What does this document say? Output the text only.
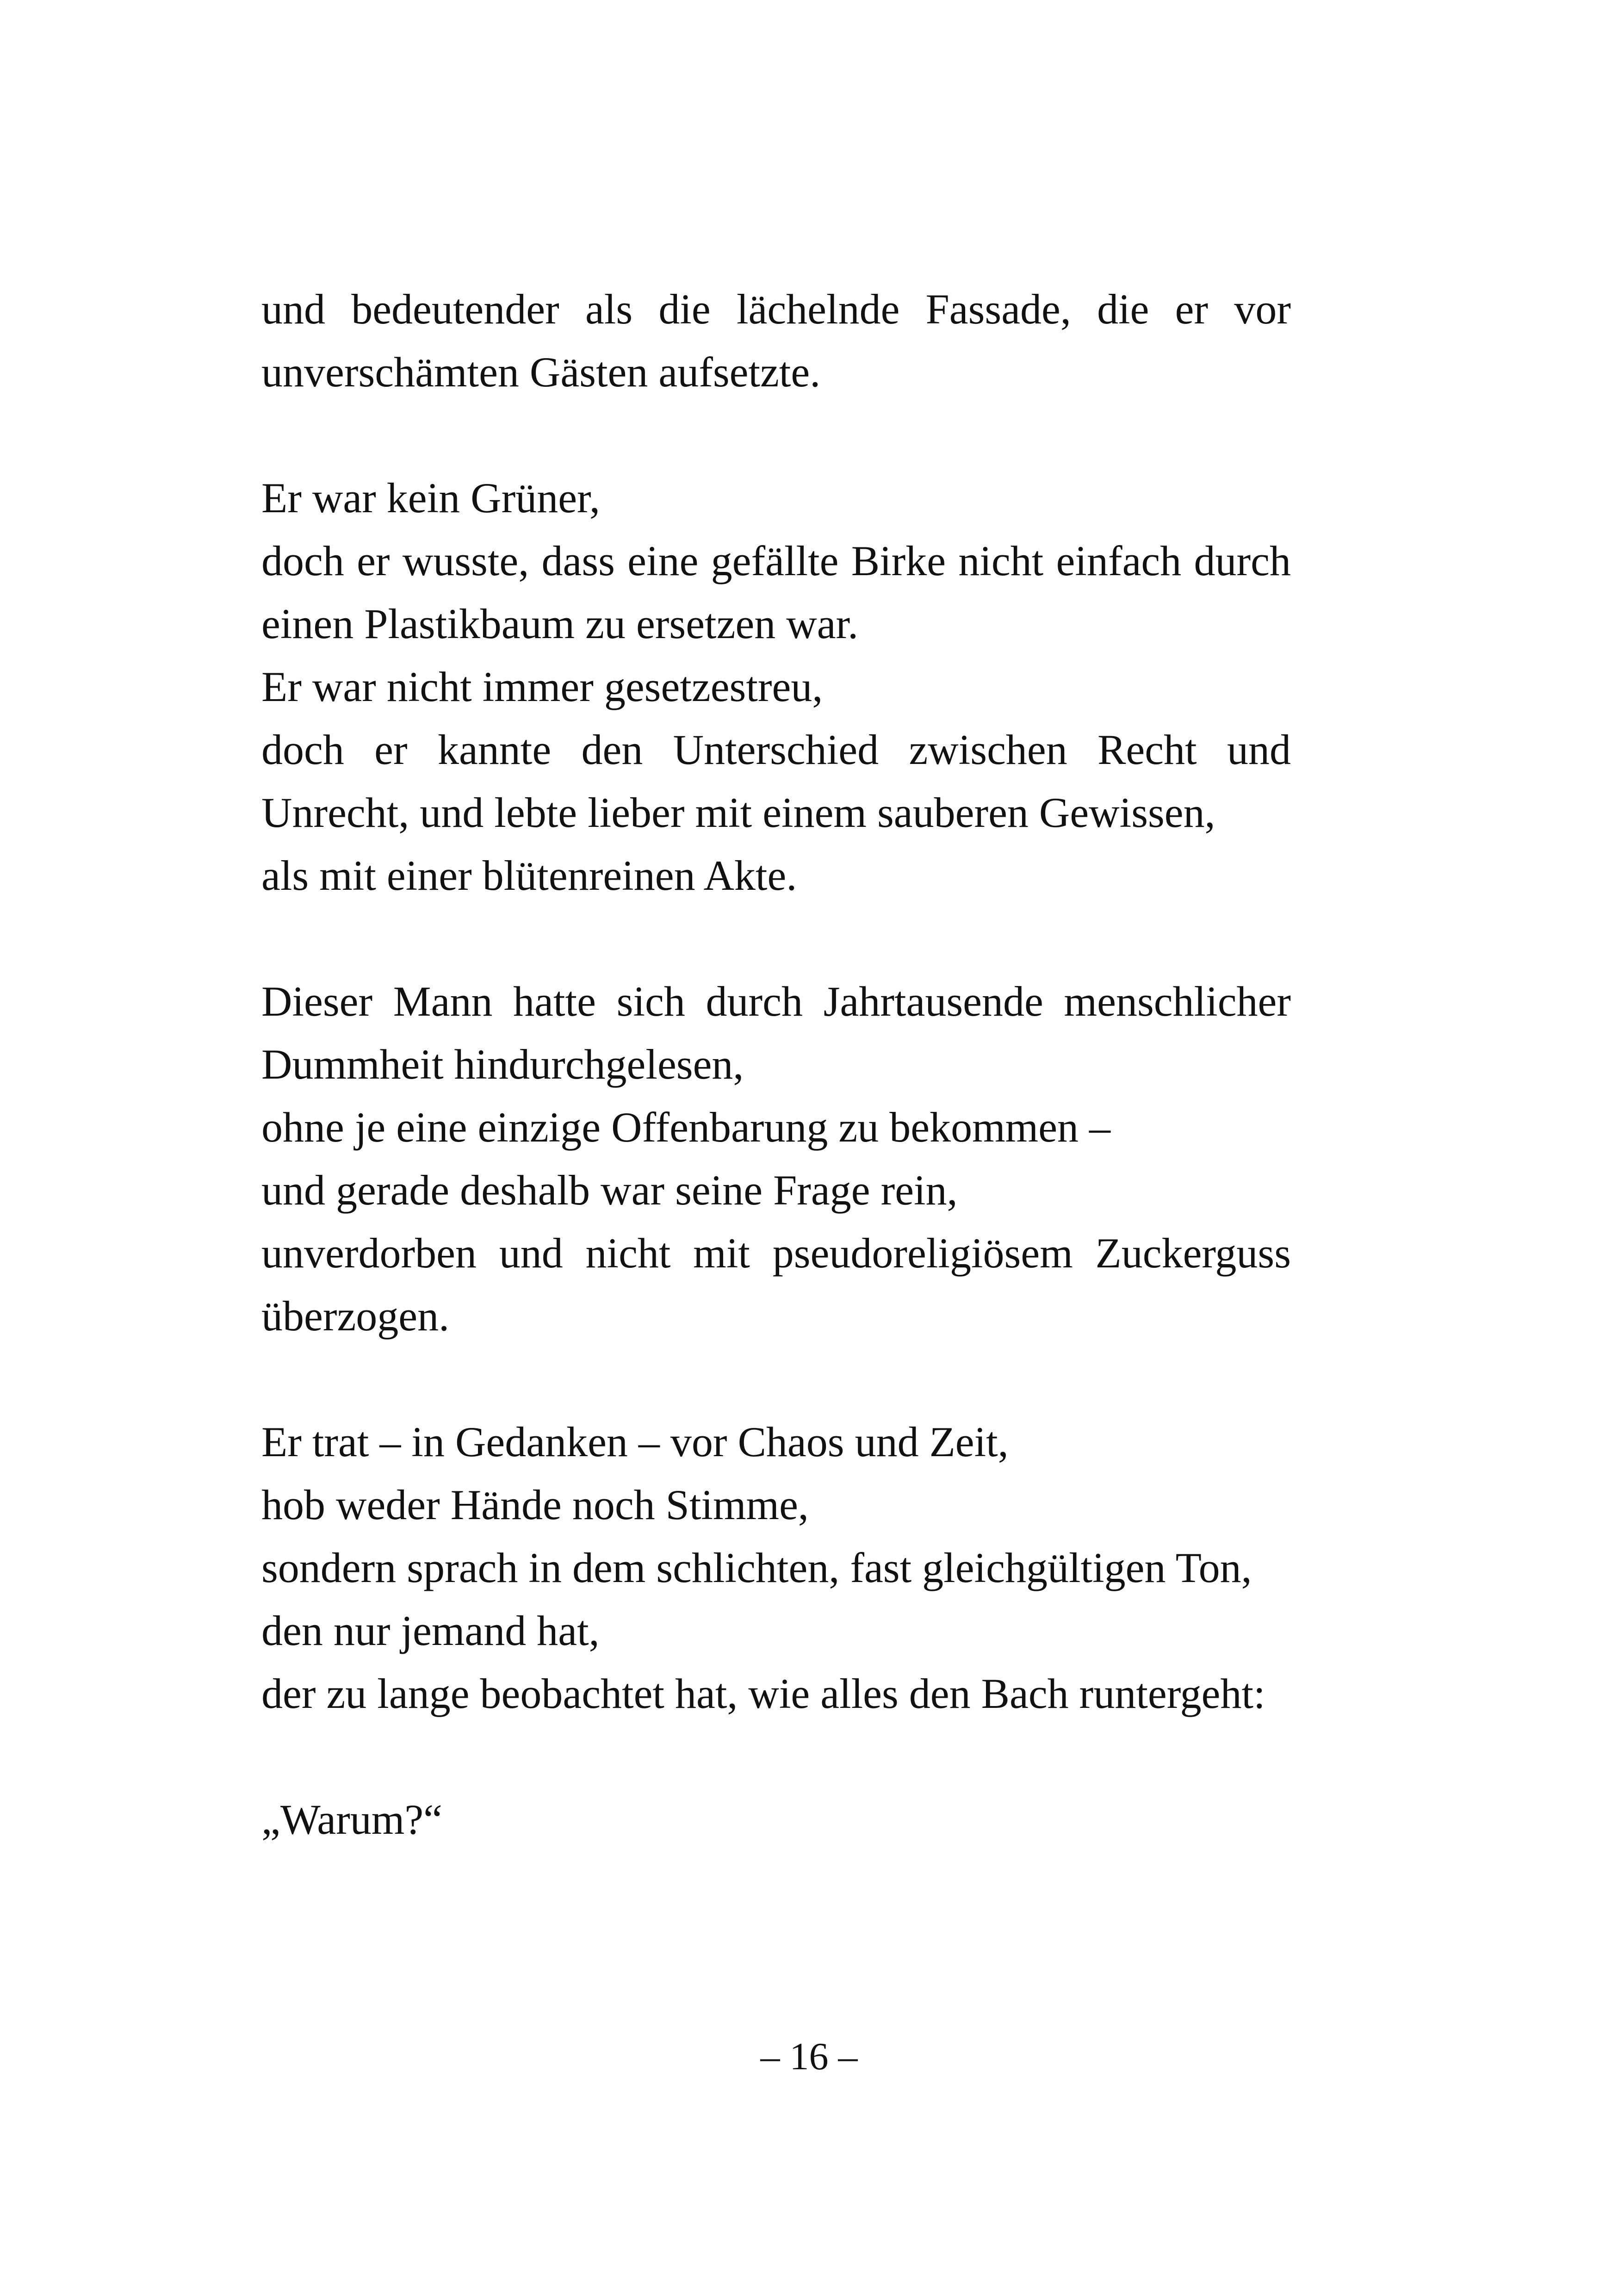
und bedeutender als die lächelnde Fassade, die er vor
unverschämten Gästen aufsetzte.
Er war kein Grüner,
doch er wusste, dass eine gefällte Birke nicht einfach durch
einen Plastikbaum zu ersetzen war.
Er war nicht immer gesetzestreu,
doch er kannte den Unterschied zwischen Recht und
Unrecht, und lebte lieber mit einem sauberen Gewissen,
als mit einer blütenreinen Akte.
Dieser Mann hatte sich durch Jahrtausende menschlicher
Dummheit hindurchgelesen,
ohne je eine einzige Offenbarung zu bekommen –
und gerade deshalb war seine Frage rein,
unverdorben und nicht mit pseudoreligiösem Zuckerguss
überzogen.
Er trat – in Gedanken – vor Chaos und Zeit,
hob weder Hände noch Stimme,
sondern sprach in dem schlichten, fast gleichgültigen Ton,
den nur jemand hat,
der zu lange beobachtet hat, wie alles den Bach runtergeht:
„Warum?“
– 16 –
